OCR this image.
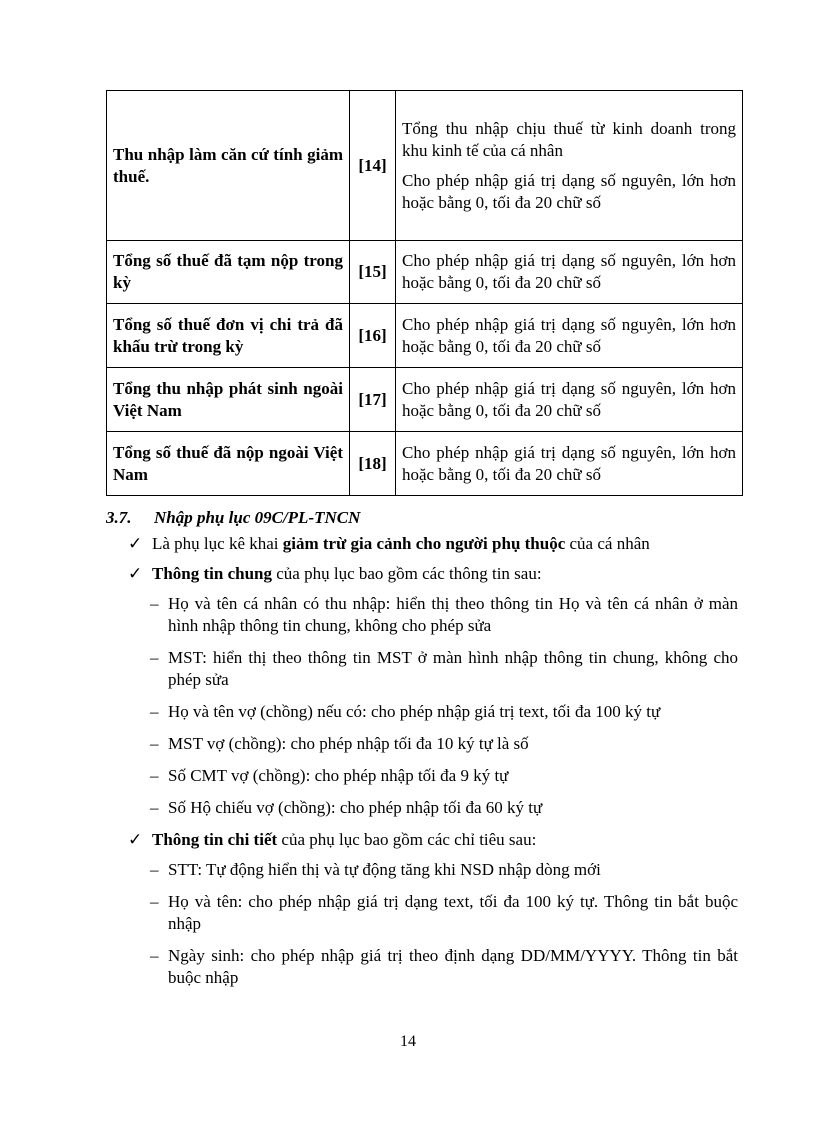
Thu nhập làm căn cứ tính giảm thuế.	[14]	Tổng thu nhập chịu thuế từ kinh doanh trong khu kinh tế của cá nhân

Cho phép nhập giá trị dạng số nguyên, lớn hơn hoặc bằng 0, tối đa 20 chữ số

Tổng số thuế đã tạm nộp trong kỳ	[15]	Cho phép nhập giá trị dạng số nguyên, lớn hơn hoặc bằng 0, tối đa 20 chữ số

Tổng số thuế đơn vị chi trả đã khấu trừ trong kỳ	[16]	Cho phép nhập giá trị dạng số nguyên, lớn hơn hoặc bằng 0, tối đa 20 chữ số

Tổng thu nhập phát sinh ngoài Việt Nam	[17]	Cho phép nhập giá trị dạng số nguyên, lớn hơn hoặc bằng 0, tối đa 20 chữ số

Tổng số thuế đã nộp ngoài Việt Nam	[18]	Cho phép nhập giá trị dạng số nguyên, lớn hơn hoặc bằng 0, tối đa 20 chữ số

3.7. Nhập phụ lục 09C/PL-TNCN
✓ Là phụ lục kê khai giảm trừ gia cảnh cho người phụ thuộc của cá nhân
✓ Thông tin chung của phụ lục bao gồm các thông tin sau:
– Họ và tên cá nhân có thu nhập: hiển thị theo thông tin Họ và tên cá nhân ở màn hình nhập thông tin chung, không cho phép sửa
– MST: hiển thị theo thông tin MST ở màn hình nhập thông tin chung, không cho phép sửa
– Họ và tên vợ (chồng) nếu có: cho phép nhập giá trị text, tối đa 100 ký tự
– MST vợ (chồng): cho phép nhập tối đa 10 ký tự là số
– Số CMT vợ (chồng): cho phép nhập tối đa 9 ký tự
– Số Hộ chiếu vợ (chồng): cho phép nhập tối đa 60 ký tự
✓ Thông tin chi tiết của phụ lục bao gồm các chỉ tiêu sau:
– STT: Tự động hiển thị và tự động tăng khi NSD nhập dòng mới
– Họ và tên: cho phép nhập giá trị dạng text, tối đa 100 ký tự. Thông tin bắt buộc nhập
– Ngày sinh: cho phép nhập giá trị theo định dạng DD/MM/YYYY. Thông tin bắt buộc nhập
14
